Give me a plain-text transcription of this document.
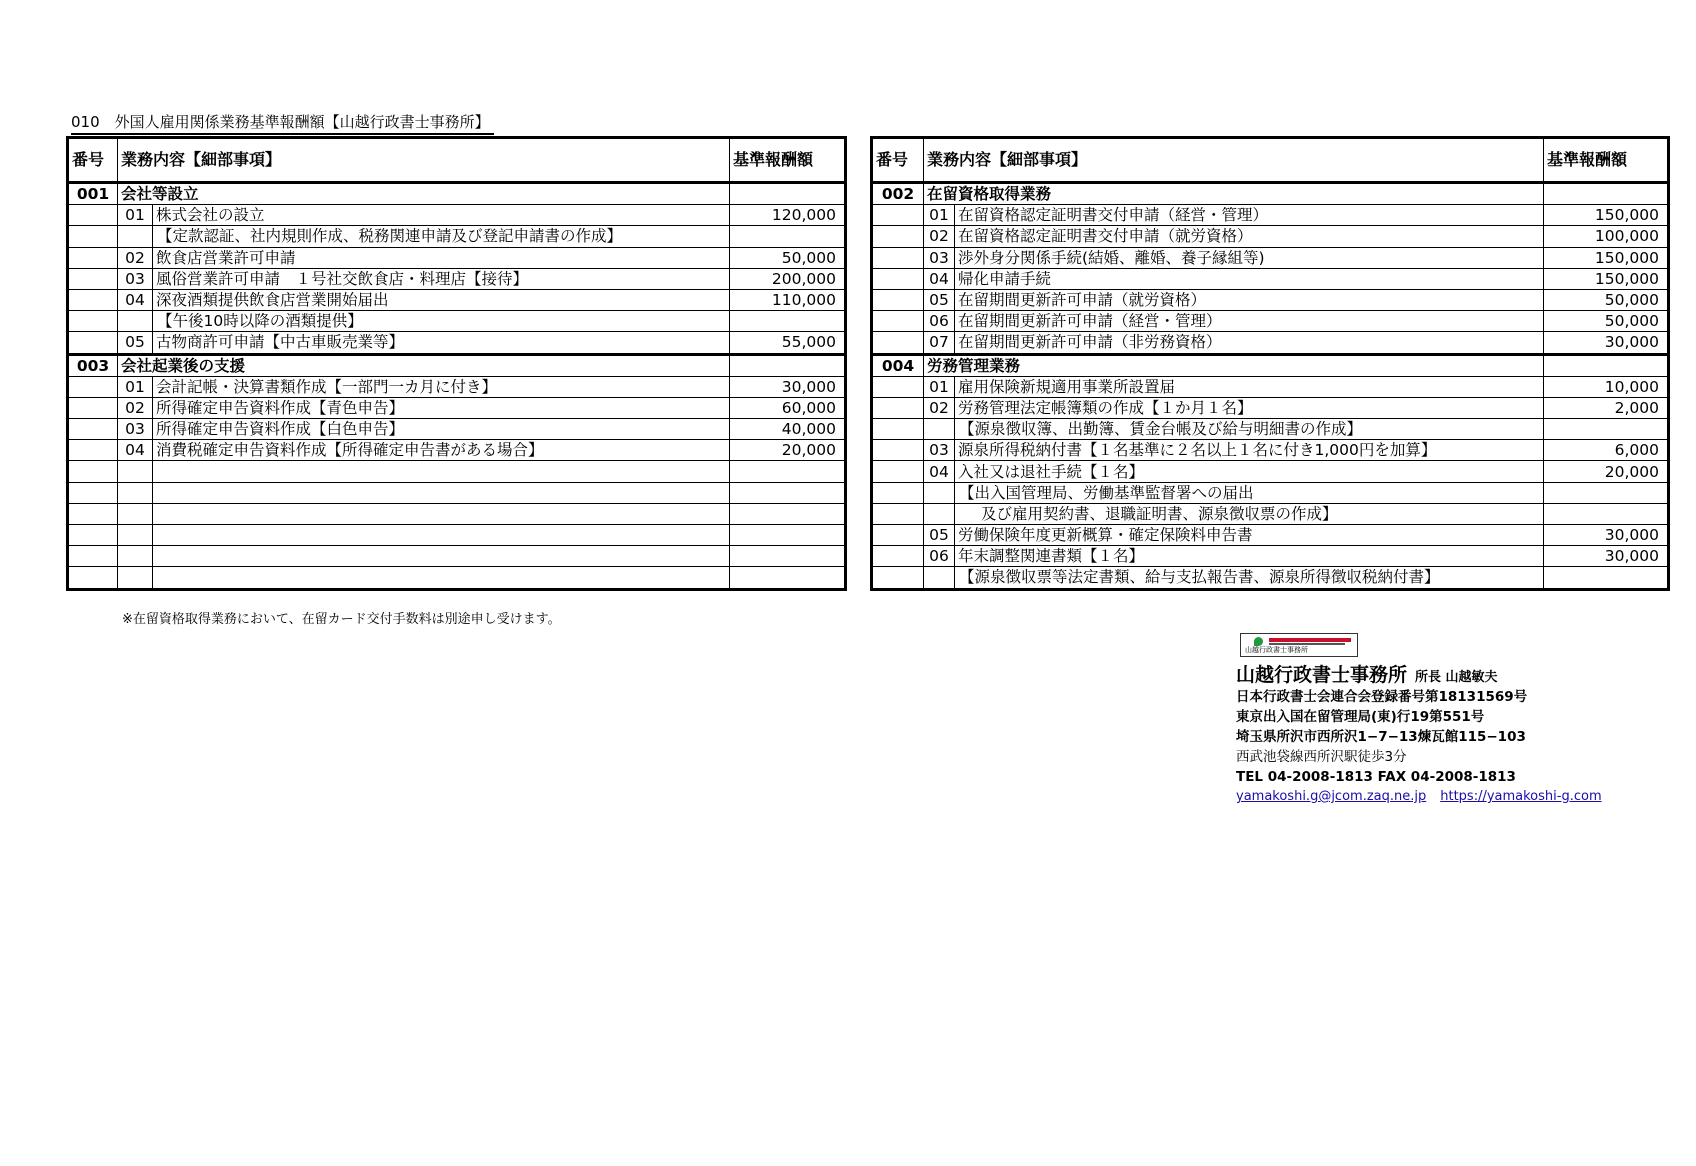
010　外国人雇用関係業務基準報酬額【山越行政書士事務所】
番号	業務内容【細部事項】		基準報酬額
001	会社等設立		
	01	株式会社の設立	120,000
		【定款認証、社内規則作成、税務関連申請及び登記申請書の作成】	
	02	飲食店営業許可申請	50,000
	03	風俗営業許可申請　１号社交飲食店・料理店【接待】	200,000
	04	深夜酒類提供飲食店営業開始届出	110,000
		【午後10時以降の酒類提供】	
	05	古物商許可申請【中古車販売業等】	55,000
003	会社起業後の支援		
	01	会計記帳・決算書類作成【一部門一カ月に付き】	30,000
	02	所得確定申告資料作成【青色申告】	60,000
	03	所得確定申告資料作成【白色申告】	40,000
	04	消費税確定申告資料作成【所得確定申告書がある場合】	20,000

番号	業務内容【細部事項】		基準報酬額
002	在留資格取得業務		
	01	在留資格認定証明書交付申請（経営・管理）	150,000
	02	在留資格認定証明書交付申請（就労資格）	100,000
	03	渉外身分関係手続(結婚、離婚、養子縁組等)	150,000
	04	帰化申請手続	150,000
	05	在留期間更新許可申請（就労資格）	50,000
	06	在留期間更新許可申請（経営・管理）	50,000
	07	在留期間更新許可申請（非労務資格）	30,000
004	労務管理業務		
	01	雇用保険新規適用事業所設置届	10,000
	02	労務管理法定帳簿類の作成【１か月１名】	2,000
		【源泉徴収簿、出勤簿、賃金台帳及び給与明細書の作成】	
	03	源泉所得税納付書【１名基準に２名以上１名に付き1,000円を加算】	6,000
	04	入社又は退社手続【１名】	20,000
		【出入国管理局、労働基準監督署への届出	
		及び雇用契約書、退職証明書、源泉徴収票の作成】	
	05	労働保険年度更新概算・確定保険料申告書	30,000
	06	年末調整関連書類【１名】	30,000
		【源泉徴収票等法定書類、給与支払報告書、源泉所得徴収税納付書】	
※在留資格取得業務において、在留カード交付手数料は別途申し受けます。
山越行政書士事務所
山越行政書士事務所 所長 山越敏夫
日本行政書士会連合会登録番号第18131569号
東京出入国在留管理局(東)行19第551号
埼玉県所沢市西所沢1−7−13煉瓦館115−103
西武池袋線西所沢駅徒歩3分
TEL 04-2008-1813 FAX 04-2008-1813
yamakoshi.g@jcom.zaq.ne.jp https://yamakoshi-g.com
